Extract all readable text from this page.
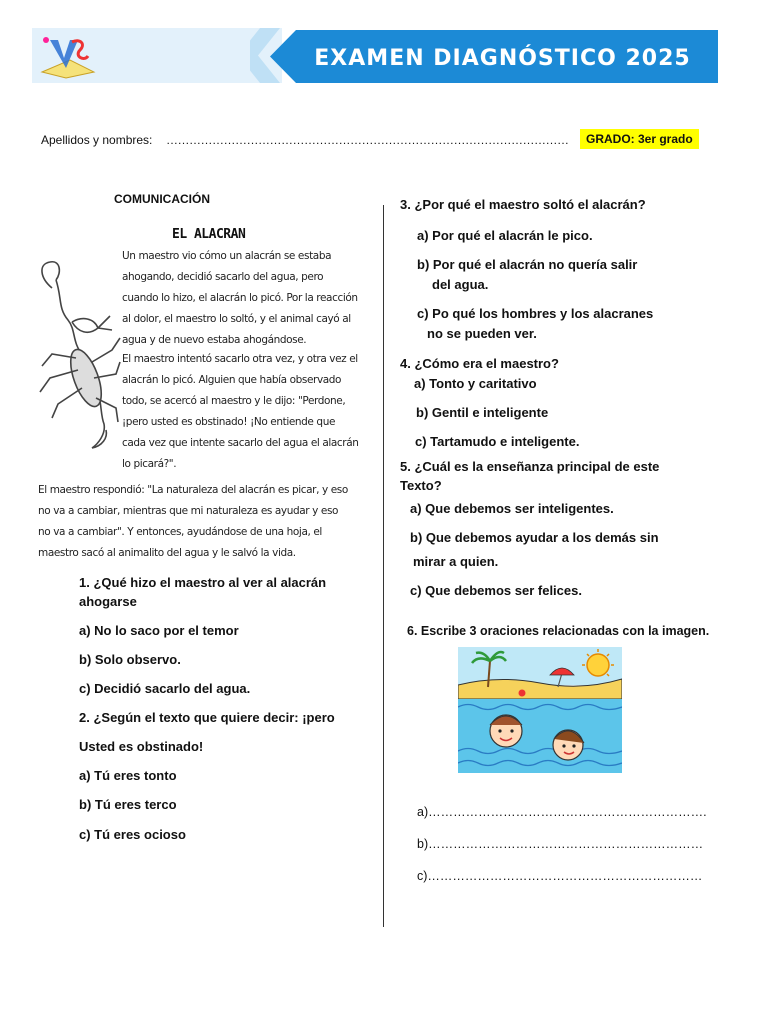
EXAMEN DIAGNÓSTICO 2025
Apellidos y nombres: ……………………………………………………………………………………………	GRADO: 3er grado
COMUNICACIÓN
EL ALACRAN
Un maestro vio cómo un alacrán se estaba ahogando, decidió sacarlo del agua, pero cuando lo hizo, el alacrán lo picó. Por la reacción al dolor, el maestro lo soltó, y el animal cayó al agua y de nuevo estaba ahogándose.
El maestro intentó sacarlo otra vez, y otra vez el alacrán lo picó. Alguien que había observado todo, se acercó al maestro y le dijo: "Perdone, ¡pero usted es obstinado! ¡No entiende que cada vez que intente sacarlo del agua el alacrán lo picará?".
El maestro respondió: "La naturaleza del alacrán es picar, y eso no va a cambiar, mientras que mi naturaleza es ayudar y eso no va a cambiar". Y entonces, ayudándose de una hoja, el maestro sacó al animalito del agua y le salvó la vida.
1. ¿Qué hizo el maestro al ver al alacrán
ahogarse
a) No lo saco por el temor
b) Solo observo.
c) Decidió sacarlo del agua.
2. ¿Según el texto que quiere decir: ¡pero
Usted es obstinado!
a) Tú eres tonto
b) Tú eres terco
c) Tú eres ocioso
3. ¿Por qué el maestro soltó el alacrán?
a) Por qué el alacrán le pico.
b) Por qué el alacrán no quería salir
del agua.
c) Po qué los hombres y los alacranes
no se pueden ver.
4. ¿Cómo era el maestro?
a) Tonto y caritativo
b) Gentil e inteligente
c) Tartamudo e inteligente.
5. ¿Cuál es la enseñanza principal de este
Texto?
a) Que debemos ser inteligentes.
b) Que debemos ayudar a los demás sin
mirar a quien.
c) Que debemos ser felices.
6. Escribe 3 oraciones relacionadas con la imagen.
a)………………………………………………………….
b)…………………………………………………………
c)…………………………………………………………
